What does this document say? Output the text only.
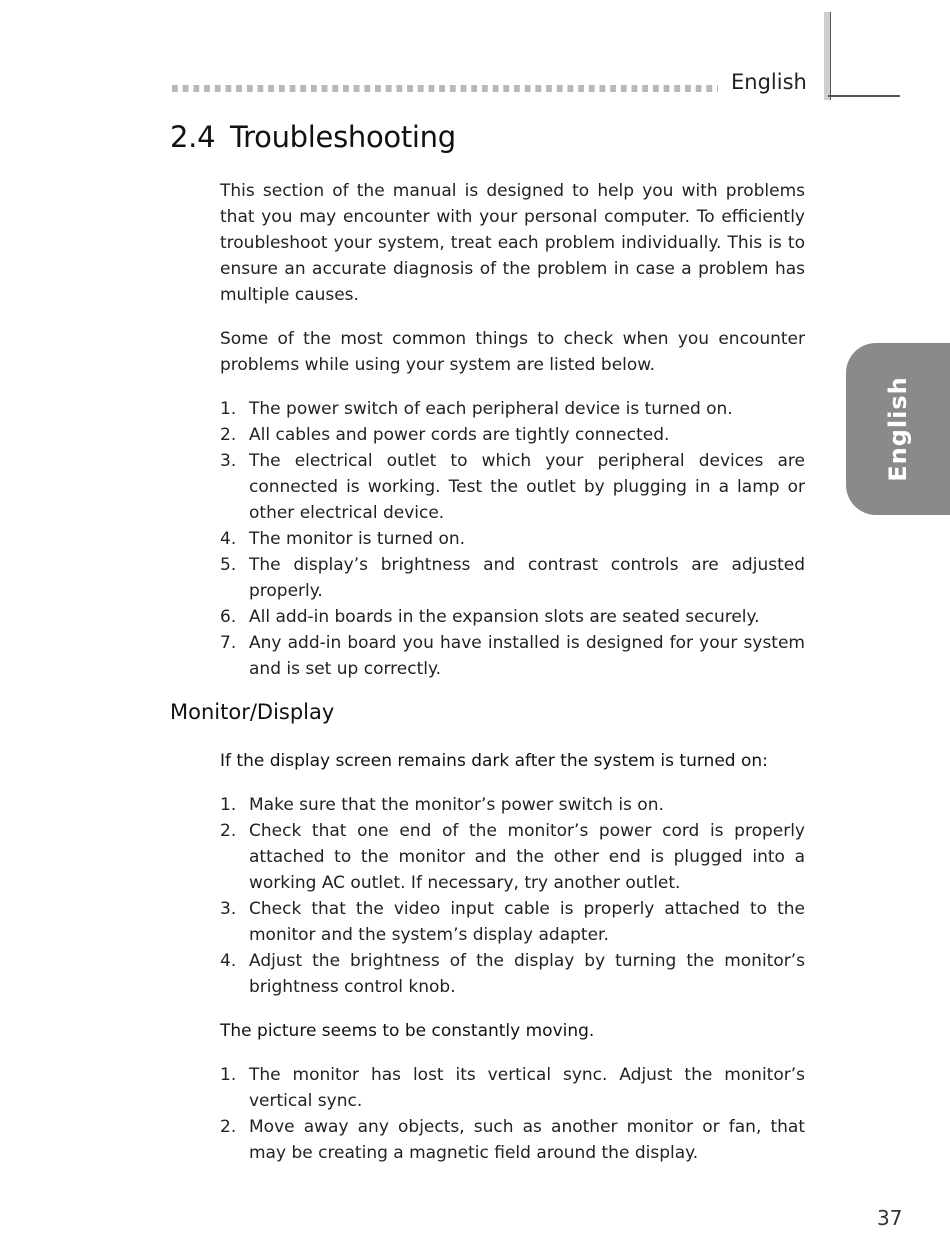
English
English
2.4 Troubleshooting

This section of the manual is designed to help you with problems that you may encounter with your personal computer. To efficiently troubleshoot your system, treat each problem individually. This is to ensure an accurate diagnosis of the problem in case a problem has multiple causes.

Some of the most common things to check when you encounter problems while using your system are listed below.

1. The power switch of each peripheral device is turned on.
2. All cables and power cords are tightly connected.
3. The electrical outlet to which your peripheral devices are connected is working. Test the outlet by plugging in a lamp or other electrical device.
4. The monitor is turned on.
5. The display’s brightness and contrast controls are adjusted properly.
6. All add-in boards in the expansion slots are seated securely.
7. Any add-in board you have installed is designed for your system and is set up correctly.
Monitor/Display

If the display screen remains dark after the system is turned on:

1. Make sure that the monitor’s power switch is on.
2. Check that one end of the monitor’s power cord is properly attached to the monitor and the other end is plugged into a working AC outlet. If necessary, try another outlet.
3. Check that the video input cable is properly attached to the monitor and the system’s display adapter.
4. Adjust the brightness of the display by turning the monitor’s brightness control knob.

The picture seems to be constantly moving.

1. The monitor has lost its vertical sync. Adjust the monitor’s vertical sync.
2. Move away any objects, such as another monitor or fan, that may be creating a magnetic field around the display.
37
